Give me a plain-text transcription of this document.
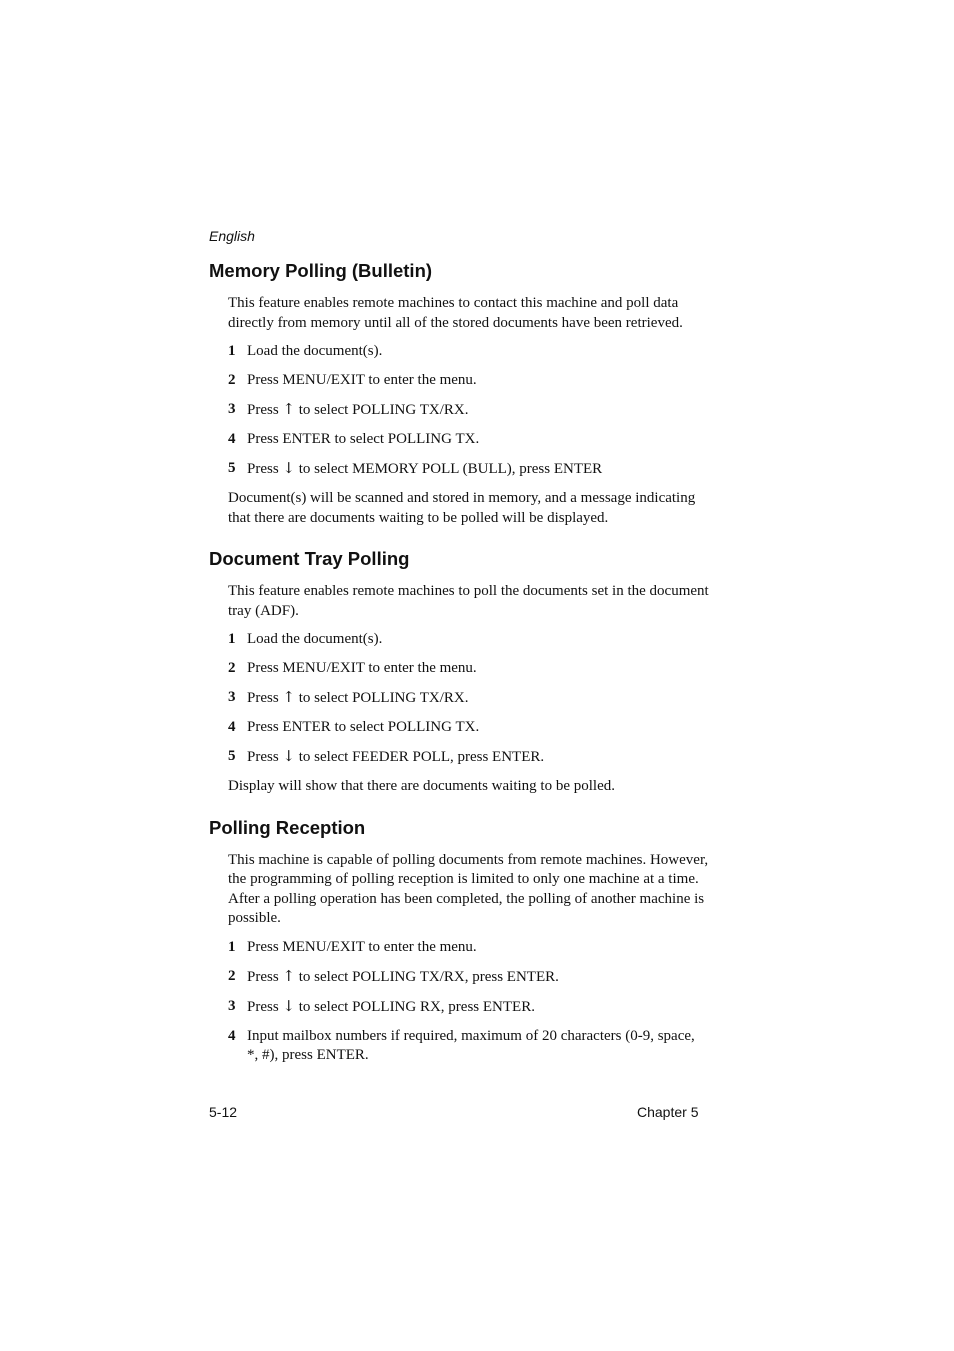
English
Memory Polling (Bulletin)

This feature enables remote machines to contact this machine and poll data directly from memory until all of the stored documents have been retrieved.

1 Load the document(s).
2 Press MENU/EXIT to enter the menu.
3 Press ↑ to select POLLING TX/RX.
4 Press ENTER to select POLLING TX.
5 Press ↓ to select MEMORY POLL (BULL), press ENTER

Document(s) will be scanned and stored in memory, and a message indicating that there are documents waiting to be polled will be displayed.

Document Tray Polling

This feature enables remote machines to poll the documents set in the document tray (ADF).

1 Load the document(s).
2 Press MENU/EXIT to enter the menu.
3 Press ↑ to select POLLING TX/RX.
4 Press ENTER to select POLLING TX.
5 Press ↓ to select FEEDER POLL, press ENTER.

Display will show that there are documents waiting to be polled.

Polling Reception

This machine is capable of polling documents from remote machines. However, the programming of polling reception is limited to only one machine at a time. After a polling operation has been completed, the polling of another machine is possible.

1 Press MENU/EXIT to enter the menu.
2 Press ↑ to select POLLING TX/RX, press ENTER.
3 Press ↓ to select POLLING RX, press ENTER.
4 Input mailbox numbers if required, maximum of 20 characters (0-9, space, *, #), press ENTER.
5-12	Chapter 5
